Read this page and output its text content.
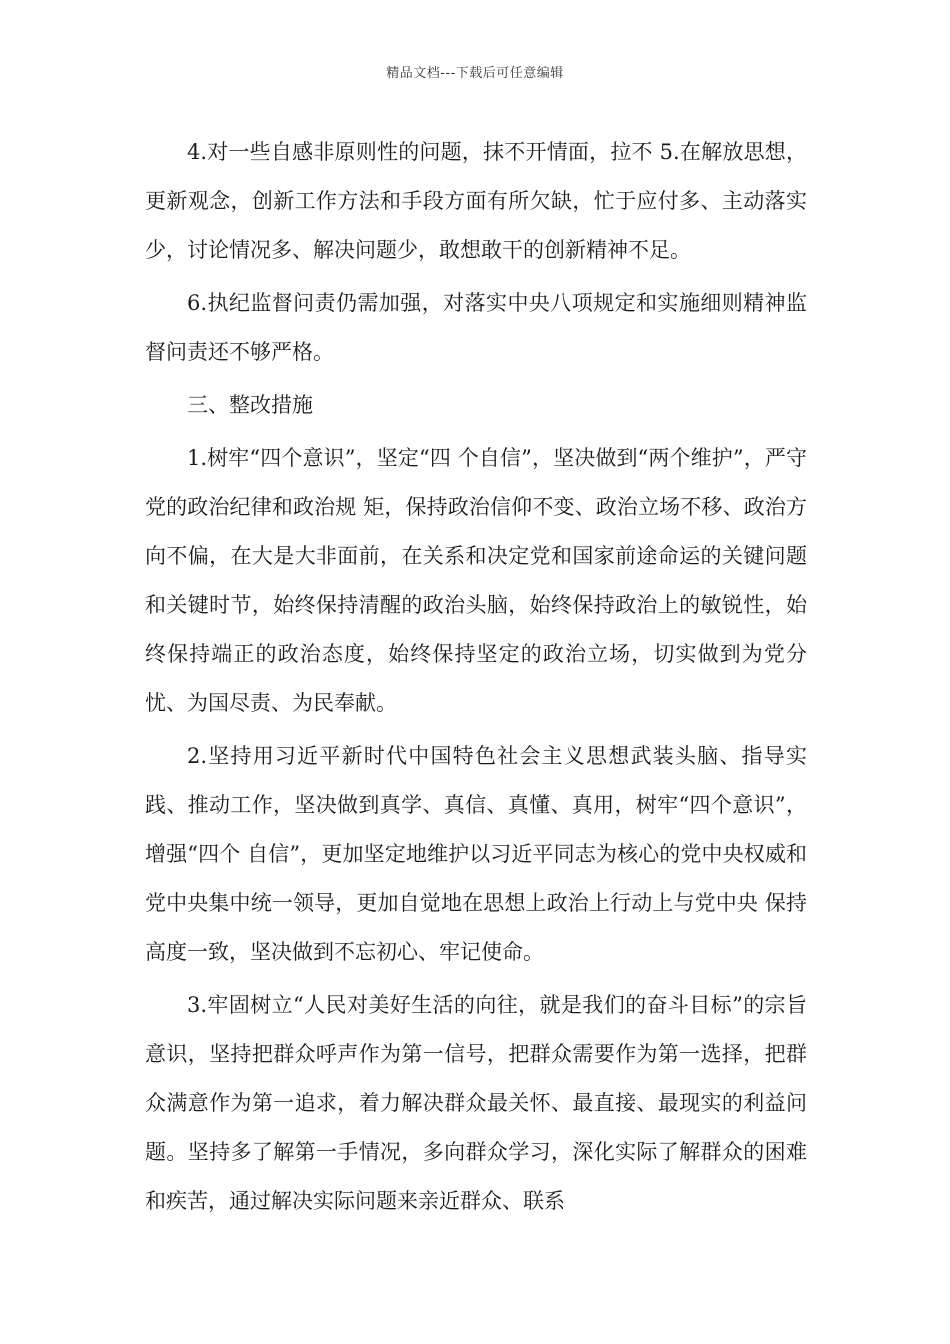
精品文档---下载后可任意编辑

4.对一些自感非原则性的问题，抹不开情面，拉不 5.在解放思想，更新观念，创新工作方法和手段方面有所欠缺，忙于应付多、主动落实少，讨论情况多、解决问题少，敢想敢干的创新精神不足。

6.执纪监督问责仍需加强，对落实中央八项规定和实施细则精神监督问责还不够严格。

三、整改措施

1.树牢“四个意识”，坚定“四 个自信”，坚决做到“两个维护”，严守党的政治纪律和政治规 矩，保持政治信仰不变、政治立场不移、政治方向不偏，在大是大非面前，在关系和决定党和国家前途命运的关键问题和关键时节，始终保持清醒的政治头脑，始终保持政治上的敏锐性，始终保持端正的政治态度，始终保持坚定的政治立场，切实做到为党分忧、为国尽责、为民奉献。

2.坚持用习近平新时代中国特色社会主义思想武装头脑、指导实践、推动工作，坚决做到真学、真信、真懂、真用，树牢“四个意识”，增强“四个 自信”，更加坚定地维护以习近平同志为核心的党中央权威和党中央集中统一领导，更加自觉地在思想上政治上行动上与党中央 保持高度一致，坚决做到不忘初心、牢记使命。

3.牢固树立“人民对美好生活的向往，就是我们的奋斗目标”的宗旨意识，坚持把群众呼声作为第一信号，把群众需要作为第一选择，把群众满意作为第一追求，着力解决群众最关怀、最直接、最现实的利益问题。坚持多了解第一手情况，多向群众学习，深化实际了解群众的困难和疾苦，通过解决实际问题来亲近群众、联系
